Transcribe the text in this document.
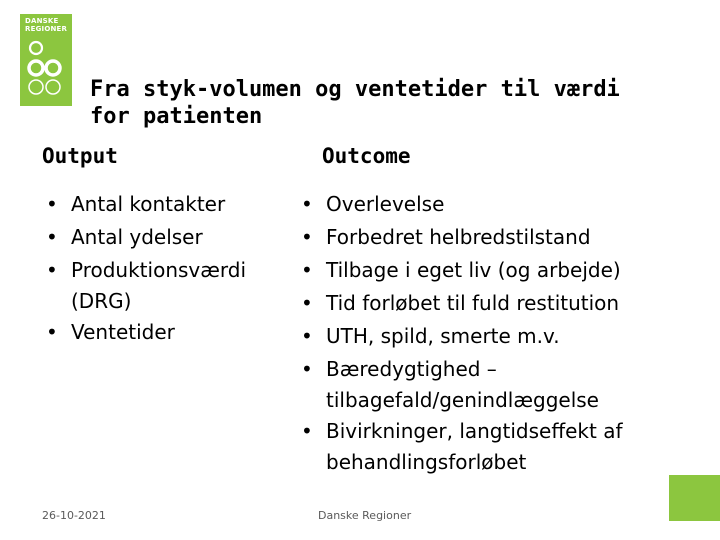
DANSKE
REGIONER
Fra styk-volumen og ventetider til værdi
for patienten
Output	Outcome
• Antal kontakter
• Antal ydelser
• Produktionsværdi
(DRG)
• Ventetider
• Overlevelse
• Forbedret helbredstilstand
• Tilbage i eget liv (og arbejde)
• Tid forløbet til fuld restitution
• UTH, spild, smerte m.v.
• Bæredygtighed –
tilbagefald/genindlæggelse
• Bivirkninger, langtidseffekt af
behandlingsforløbet
26-10-2021	Danske Regioner
